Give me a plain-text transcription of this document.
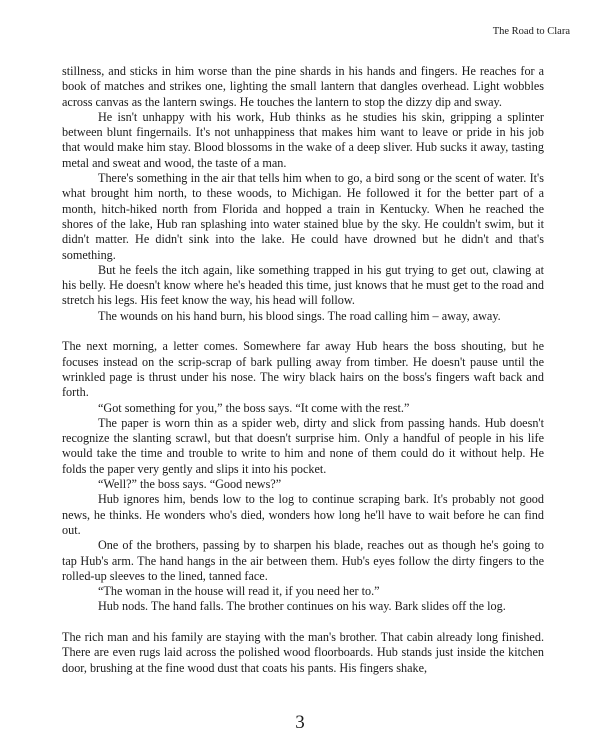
The Road to Clara

stillness, and sticks in him worse than the pine shards in his hands and fingers. He reaches for a book of matches and strikes one, lighting the small lantern that dangles overhead. Light wobbles across canvas as the lantern swings. He touches the lantern to stop the dizzy dip and sway.

He isn't unhappy with his work, Hub thinks as he studies his skin, gripping a splinter between blunt fingernails. It's not unhappiness that makes him want to leave or pride in his job that would make him stay. Blood blossoms in the wake of a deep sliver. Hub sucks it away, tasting metal and sweat and wood, the taste of a man.

There's something in the air that tells him when to go, a bird song or the scent of water. It's what brought him north, to these woods, to Michigan. He followed it for the better part of a month, hitch-hiked north from Florida and hopped a train in Kentucky. When he reached the shores of the lake, Hub ran splashing into water stained blue by the sky. He couldn't swim, but it didn't matter. He didn't sink into the lake. He could have drowned but he didn't and that's something.

But he feels the itch again, like something trapped in his gut trying to get out, clawing at his belly. He doesn't know where he's headed this time, just knows that he must get to the road and stretch his legs. His feet know the way, his head will follow.

The wounds on his hand burn, his blood sings. The road calling him – away, away.

The next morning, a letter comes. Somewhere far away Hub hears the boss shouting, but he focuses instead on the scrip-scrap of bark pulling away from timber. He doesn't pause until the wrinkled page is thrust under his nose. The wiry black hairs on the boss's fingers waft back and forth.

“Got something for you,” the boss says. “It come with the rest.”

The paper is worn thin as a spider web, dirty and slick from passing hands. Hub doesn't recognize the slanting scrawl, but that doesn't surprise him. Only a handful of people in his life would take the time and trouble to write to him and none of them could do it without help. He folds the paper very gently and slips it into his pocket.

“Well?” the boss says. “Good news?”

Hub ignores him, bends low to the log to continue scraping bark. It's probably not good news, he thinks. He wonders who's died, wonders how long he'll have to wait before he can find out.

One of the brothers, passing by to sharpen his blade, reaches out as though he's going to tap Hub's arm. The hand hangs in the air between them. Hub's eyes follow the dirty fingers to the rolled-up sleeves to the lined, tanned face.

“The woman in the house will read it, if you need her to.”

Hub nods. The hand falls. The brother continues on his way. Bark slides off the log.

The rich man and his family are staying with the man's brother. That cabin already long finished. There are even rugs laid across the polished wood floorboards. Hub stands just inside the kitchen door, brushing at the fine wood dust that coats his pants. His fingers shake,

3
